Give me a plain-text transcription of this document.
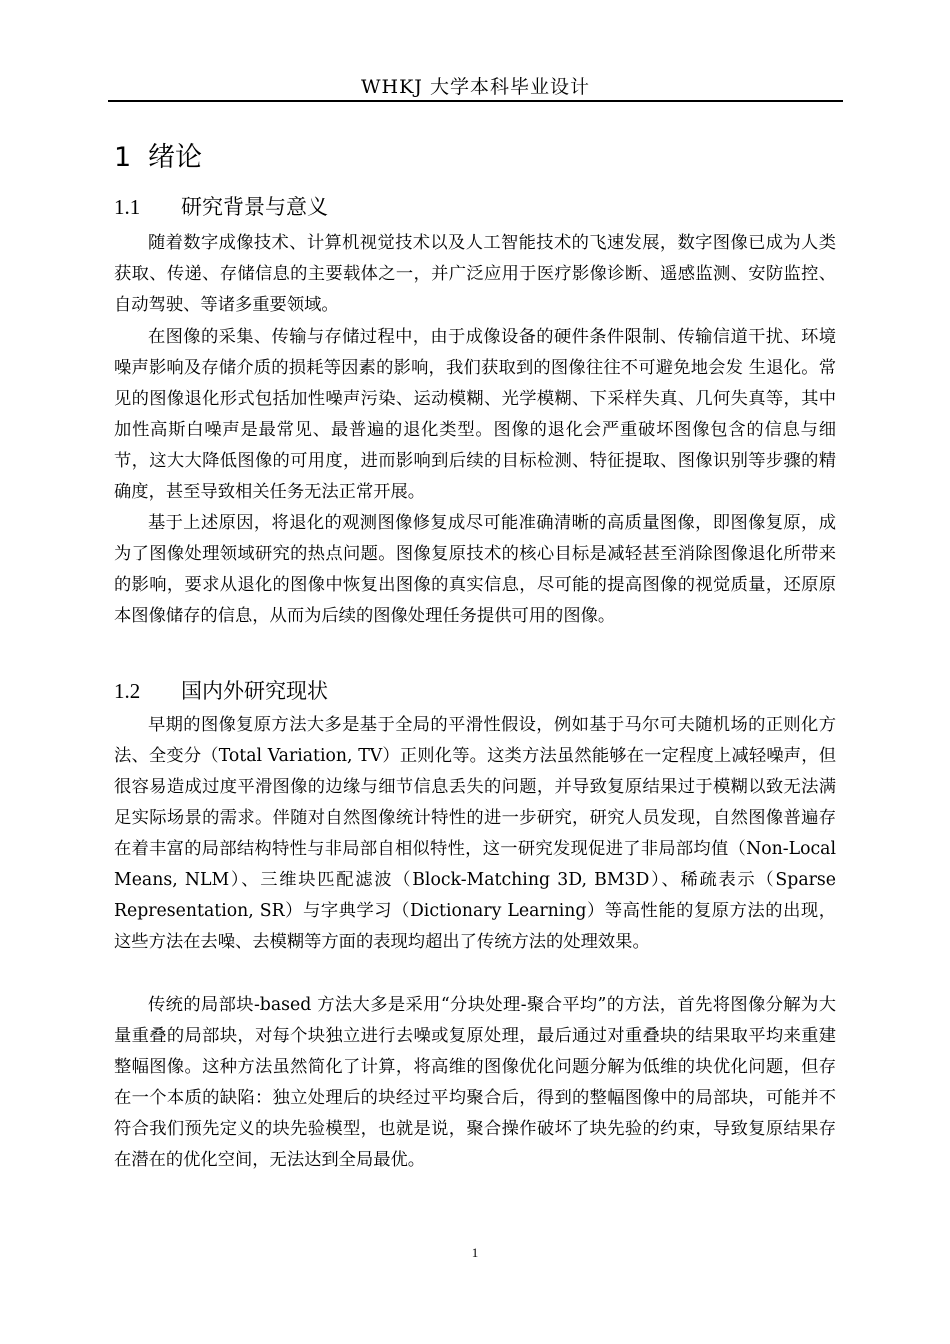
WHKJ 大学本科毕业设计
1 绪论
1.1 研究背景与意义

随着数字成像技术、计算机视觉技术以及人工智能技术的飞速发展，数字图像已成为人类获取、传递、存储信息的主要载体之一，并广泛应用于医疗影像诊断、遥感监测、安防监控、自动驾驶、等诸多重要领域。

在图像的采集、传输与存储过程中，由于成像设备的硬件条件限制、传输信道干扰、环境噪声影响及存储介质的损耗等因素的影响，我们获取到的图像往往不可避免地会发 生退化。常见的图像退化形式包括加性噪声污染、运动模糊、光学模糊、下采样失真、几何失真等，其中加性高斯白噪声是最常见、最普遍的退化类型。图像的退化会严重破坏图像包含的信息与细节，这大大降低图像的可用度，进而影响到后续的目标检测、特征提取、图像识别等步骤的精确度，甚至导致相关任务无法正常开展。

基于上述原因，将退化的观测图像修复成尽可能准确清晰的高质量图像，即图像复原，成为了图像处理领域研究的热点问题。图像复原技术的核心目标是减轻甚至消除图像退化所带来的影响，要求从退化的图像中恢复出图像的真实信息，尽可能的提高图像的视觉质量，还原原本图像储存的信息，从而为后续的图像处理任务提供可用的图像。

1.2 国内外研究现状

早期的图像复原方法大多是基于全局的平滑性假设，例如基于马尔可夫随机场的正则化方法、全变分（Total Variation, TV）正则化等。这类方法虽然能够在一定程度上减轻噪声，但很容易造成过度平滑图像的边缘与细节信息丢失的问题，并导致复原结果过于模糊以致无法满足实际场景的需求。伴随对自然图像统计特性的进一步研究，研究人员发现，自然图像普遍存在着丰富的局部结构特性与非局部自相似特性，这一研究发现促进了非局部均值（Non-Local Means, NLM）、三维块匹配滤波（Block-Matching 3D, BM3D）、稀疏表示（Sparse Representation, SR）与字典学习（Dictionary Learning）等高性能的复原方法的出现，这些方法在去噪、去模糊等方面的表现均超出了传统方法的处理效果。

传统的局部块-based 方法大多是采用“分块处理-聚合平均”的方法，首先将图像分解为大量重叠的局部块，对每个块独立进行去噪或复原处理，最后通过对重叠块的结果取平均来重建整幅图像。这种方法虽然简化了计算，将高维的图像优化问题分解为低维的块优化问题，但存在一个本质的缺陷：独立处理后的块经过平均聚合后，得到的整幅图像中的局部块，可能并不符合我们预先定义的块先验模型，也就是说，聚合操作破坏了块先验的约束，导致复原结果存在潜在的优化空间，无法达到全局最优。

1
